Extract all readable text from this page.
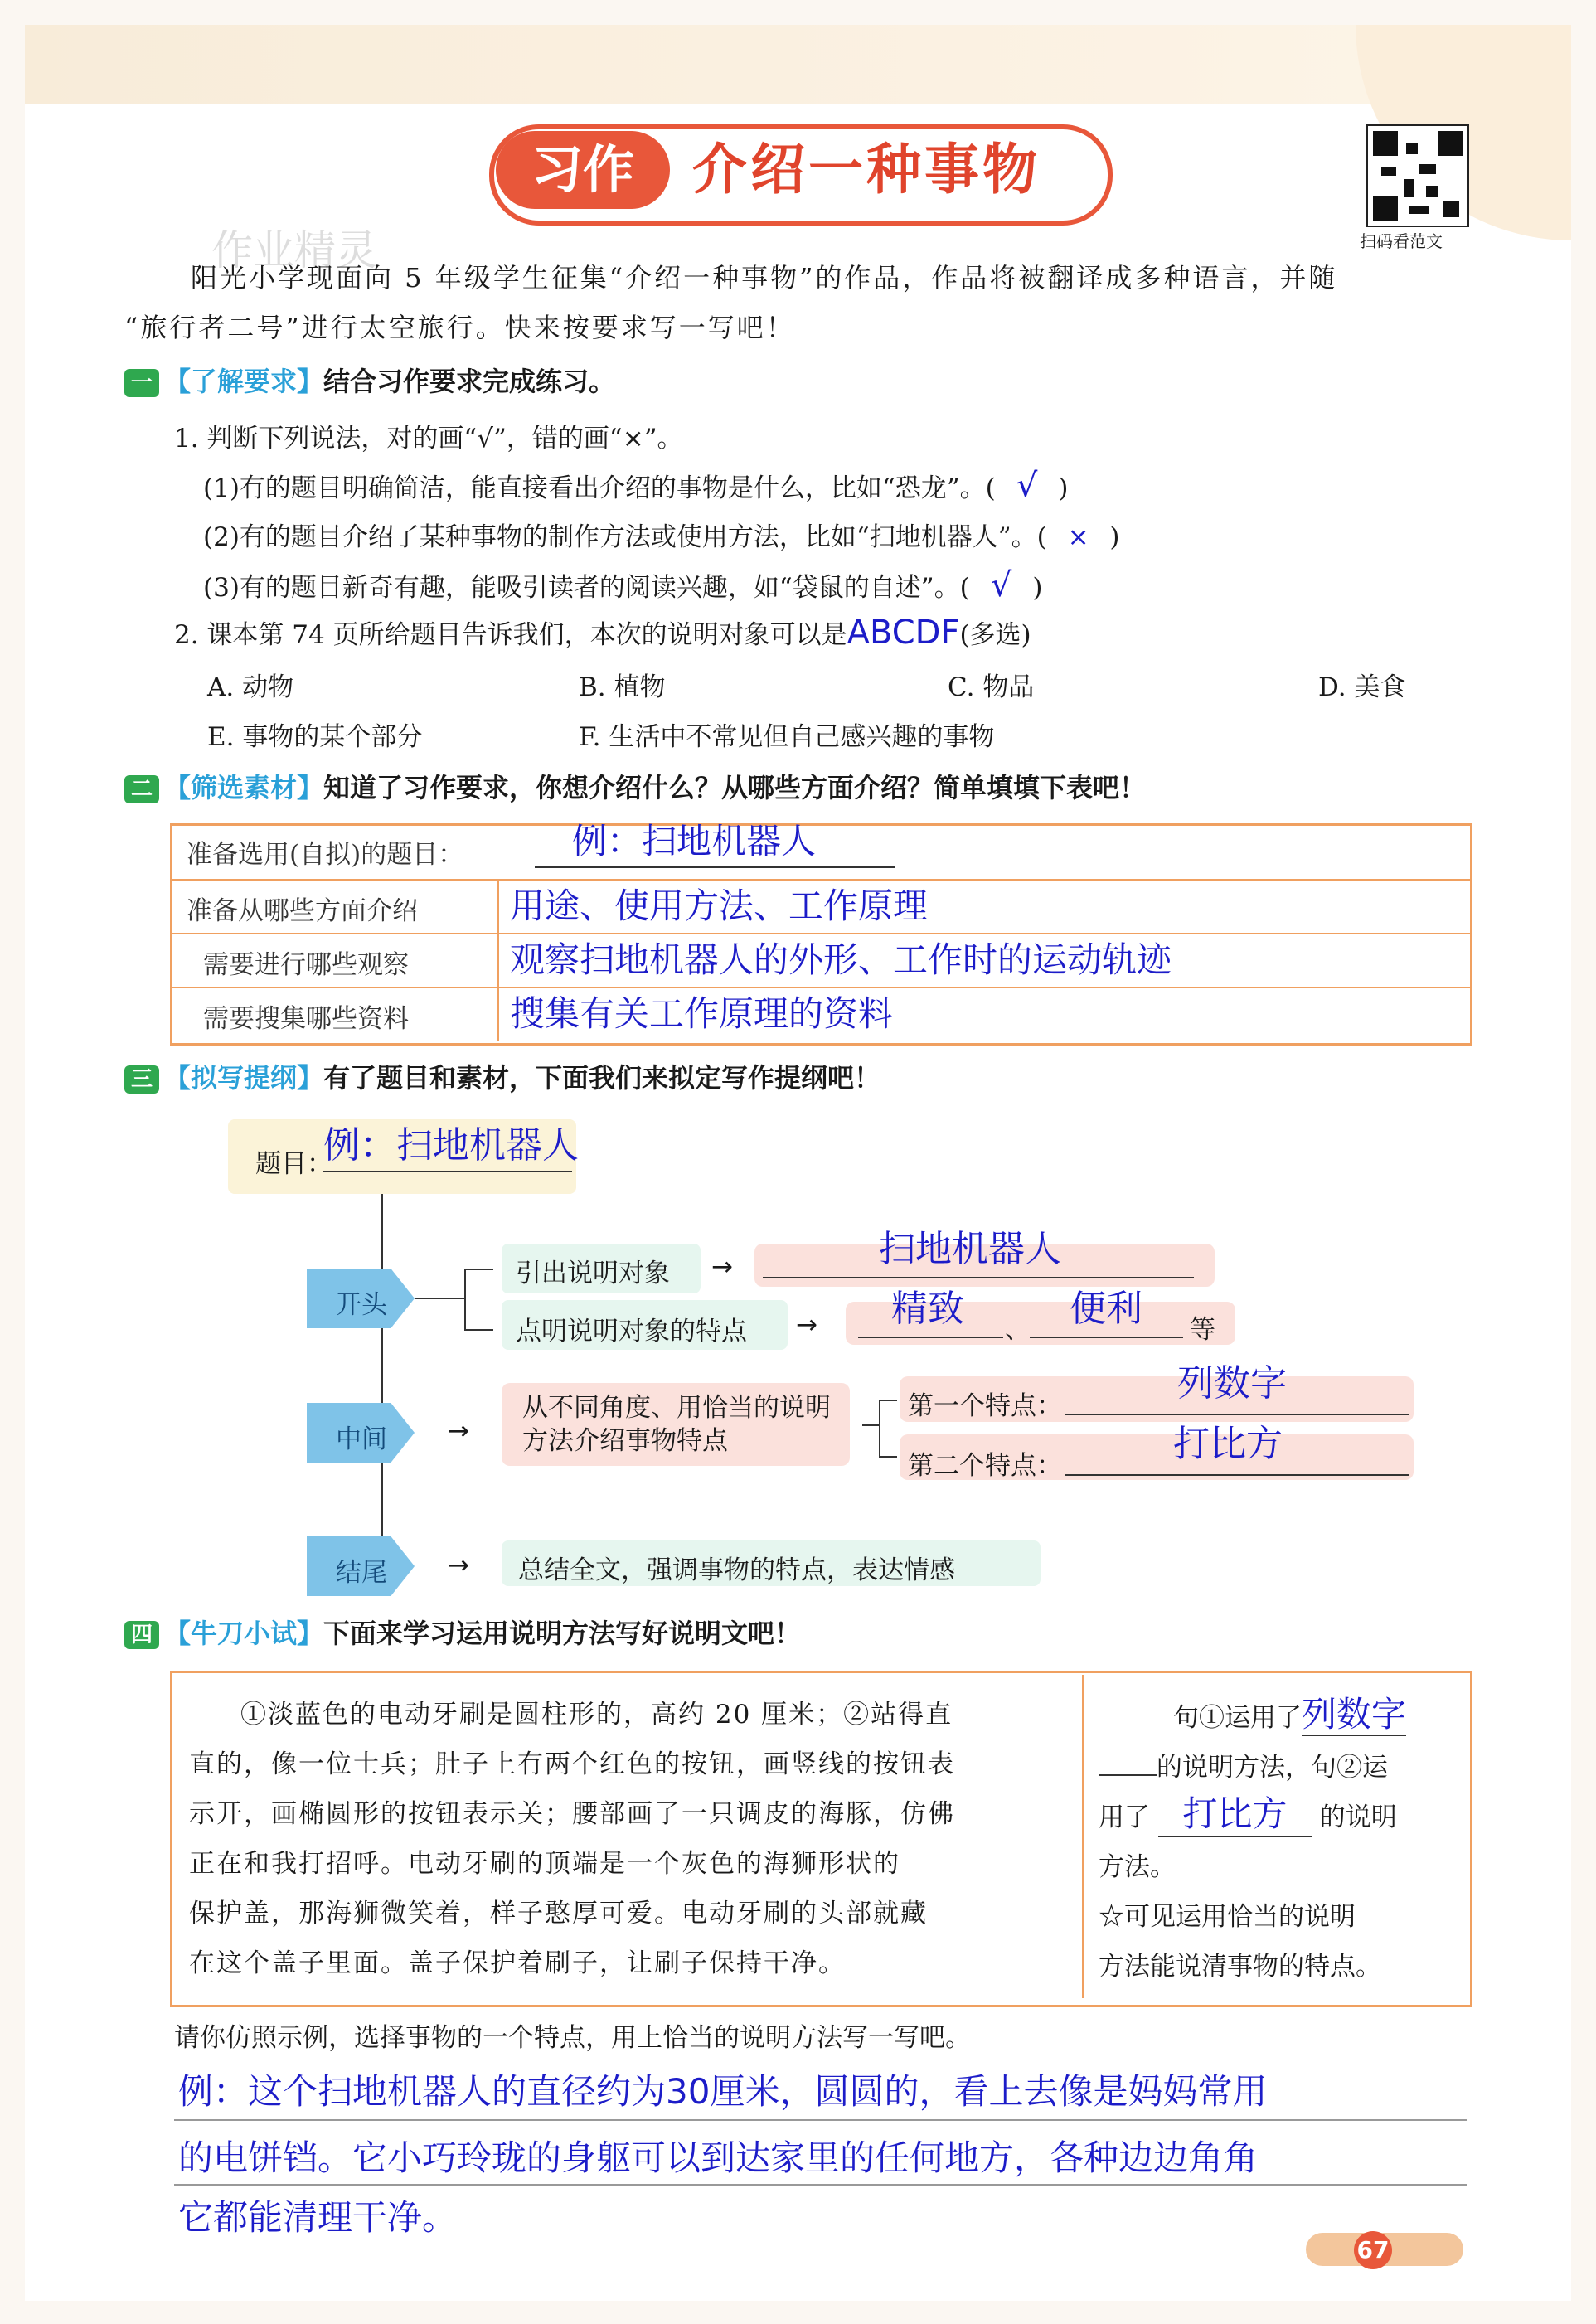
习作	介绍一种事物
扫码看范文
作业精灵
阳光小学现面向 5 年级学生征集“介绍一种事物”的作品，作品将被翻译成多种语言，并随
“旅行者二号”进行太空旅行。快来按要求写一写吧！
一 【了解要求】结合习作要求完成练习。
1. 判断下列说法，对的画“√”，错的画“×”。
(1)有的题目明确简洁，能直接看出介绍的事物是什么，比如“恐龙”。( √ )
(2)有的题目介绍了某种事物的制作方法或使用方法，比如“扫地机器人”。( × )
(3)有的题目新奇有趣，能吸引读者的阅读兴趣，如“袋鼠的自述”。( √ )
2. 课本第 74 页所给题目告诉我们，本次的说明对象可以是ABCDF(多选)
A. 动物	B. 植物	C. 物品	D. 美食
E. 事物的某个部分	F. 生活中不常见但自己感兴趣的事物
二 【筛选素材】知道了习作要求，你想介绍什么？从哪些方面介绍？简单填填下表吧！
准备选用(自拟)的题目：	例：扫地机器人
准备从哪些方面介绍	用途、使用方法、工作原理
需要进行哪些观察	观察扫地机器人的外形、工作时的运动轨迹
需要搜集哪些资料	搜集有关工作原理的资料
三 【拟写提纲】有了题目和素材，下面我们来拟定写作提纲吧！
题目：
例：扫地机器人
开头
中间
结尾
引出说明对象
点明说明对象的特点
→
→
扫地机器人
精致 、 便利 等
→
从不同角度、用恰当的说明方法介绍事物特点
第一个特点：
列数字
第二个特点：
打比方
→ 总结全文，强调事物的特点，表达情感
四 【牛刀小试】下面来学习运用说明方法写好说明文吧！
①淡蓝色的电动牙刷是圆柱形的，高约 20 厘米；②站得直
直的，像一位士兵；肚子上有两个红色的按钮，画竖线的按钮表
示开，画椭圆形的按钮表示关；腰部画了一只调皮的海豚，仿佛
正在和我打招呼。电动牙刷的顶端是一个灰色的海狮形状的
保护盖，那海狮微笑着，样子憨厚可爱。电动牙刷的头部就藏
在这个盖子里面。盖子保护着刷子，让刷子保持干净。
句①运用了列数字
的说明方法，句②运
用了 打比方 的说明
方法。
☆可见运用恰当的说明
方法能说清事物的特点。
请你仿照示例，选择事物的一个特点，用上恰当的说明方法写一写吧。
例：这个扫地机器人的直径约为30厘米，圆圆的，看上去像是妈妈常用
的电饼铛。它小巧玲珑的身躯可以到达家里的任何地方，各种边边角角
它都能清理干净。
67
